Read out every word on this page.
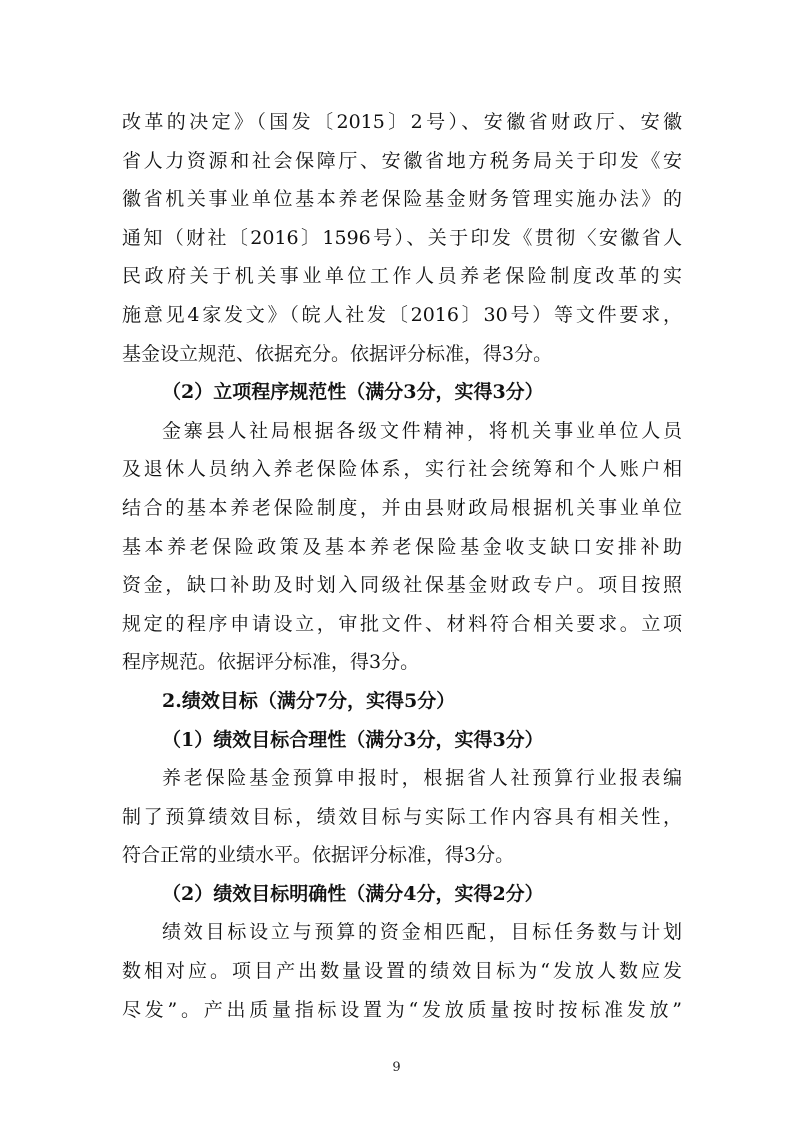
改革的决定》（国发〔2015〕2号）、安徽省财政厅、安徽
省人力资源和社会保障厅、安徽省地方税务局关于印发《安
徽省机关事业单位基本养老保险基金财务管理实施办法》的
通知（财社〔2016〕1596号）、关于印发《贯彻〈安徽省人
民政府关于机关事业单位工作人员养老保险制度改革的实
施意见4家发文》（皖人社发〔2016〕30号）等文件要求，
基金设立规范、依据充分。依据评分标准，得3分。
（2）立项程序规范性（满分3分，实得3分）
金寨县人社局根据各级文件精神，将机关事业单位人员
及退休人员纳入养老保险体系，实行社会统筹和个人账户相
结合的基本养老保险制度，并由县财政局根据机关事业单位
基本养老保险政策及基本养老保险基金收支缺口安排补助
资金，缺口补助及时划入同级社保基金财政专户。项目按照
规定的程序申请设立，审批文件、材料符合相关要求。立项
程序规范。依据评分标准，得3分。
2.绩效目标（满分7分，实得5分）
（1）绩效目标合理性（满分3分，实得3分）
养老保险基金预算申报时，根据省人社预算行业报表编
制了预算绩效目标，绩效目标与实际工作内容具有相关性，
符合正常的业绩水平。依据评分标准，得3分。
（2）绩效目标明确性（满分4分，实得2分）
绩效目标设立与预算的资金相匹配，目标任务数与计划
数相对应。项目产出数量设置的绩效目标为“发放人数应发
尽发”。产出质量指标设置为“发放质量按时按标准发放”
9
